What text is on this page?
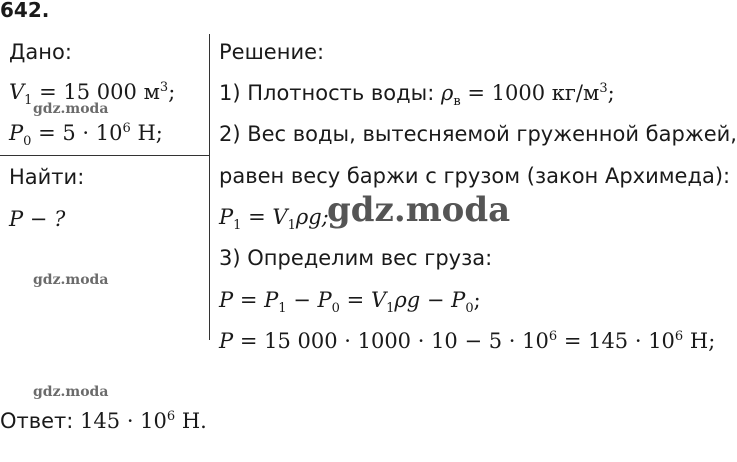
642.
Дано:
$V_1 = 15$ 000 $м^3$;
gdz.moda
$P_0 = 5 \cdot 10^6$ Н;
Найти:
P − ?
gdz.moda
Решение:
1) Плотность воды: $\rho_в = 1000$ $кг/м^3$;
2) Вес воды, вытесняемой груженной баржей,
равен весу баржи с грузом (закон Архимеда):
$P_1 = V_1\rho g$;
gdz.moda
3) Определим вес груза:
$P = P_1 - P_0 = V_1\rho g - P_0$;
P = 15 $000 \cdot 1000 \cdot 10 - 5 \cdot 10^6 = 145 \cdot 10^6$ Н;
gdz.moda
Ответ: $145 \cdot 10^6$ Н.
